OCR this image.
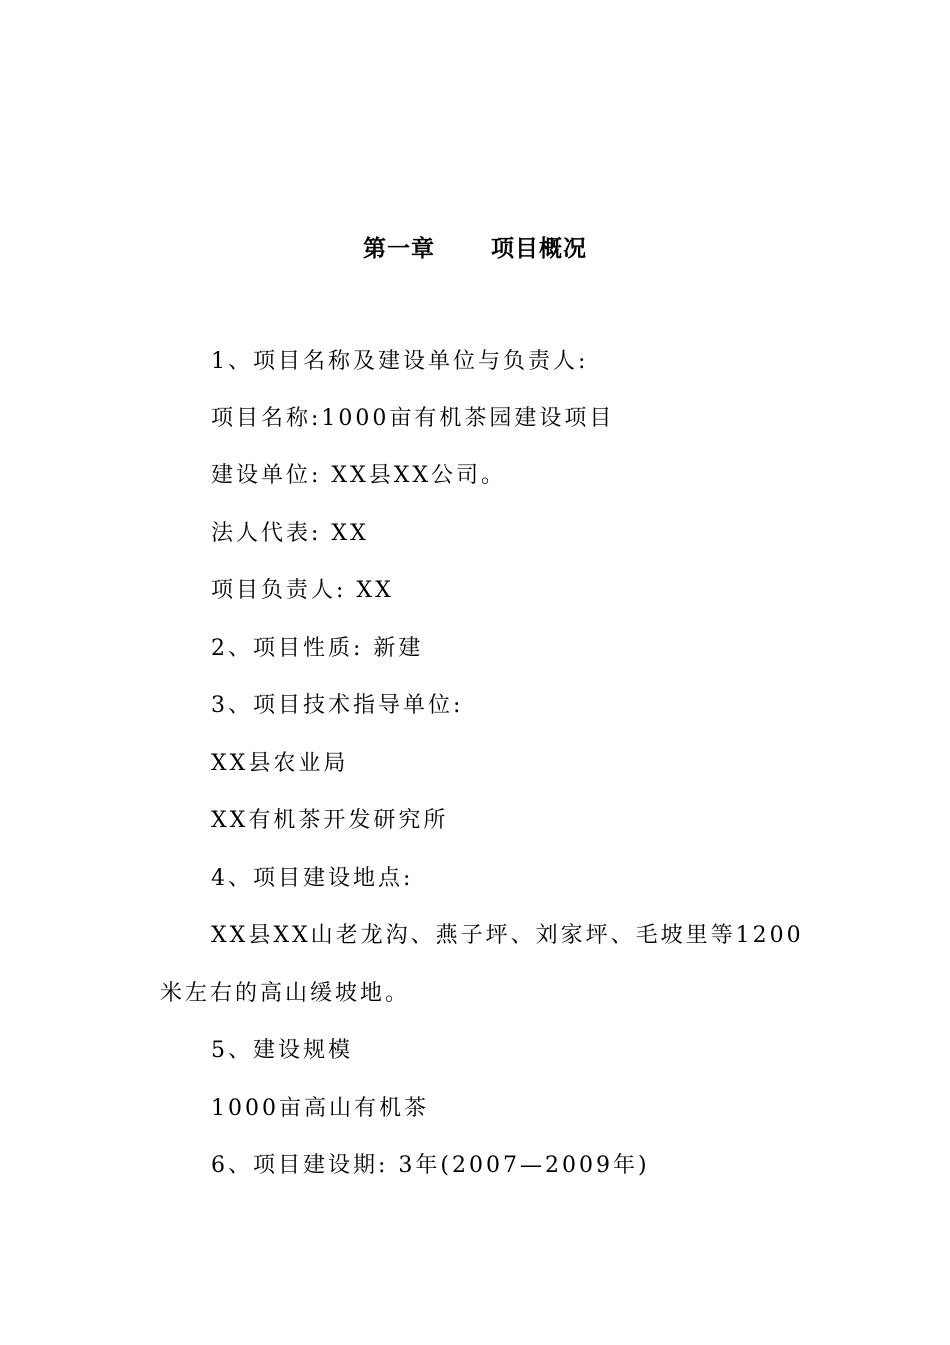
第一章 项目概况
1、项目名称及建设单位与负责人:
项目名称:1000亩有机茶园建设项目
建设单位: XX县XX公司。
法人代表: XX
项目负责人: XX
2、项目性质: 新建
3、项目技术指导单位:
XX县农业局
XX有机茶开发研究所
4、项目建设地点:
XX县XX山老龙沟、燕子坪、刘家坪、毛坡里等1200
米左右的高山缓坡地。
5、建设规模
1000亩高山有机茶
6、项目建设期: 3年(2007—2009年)
